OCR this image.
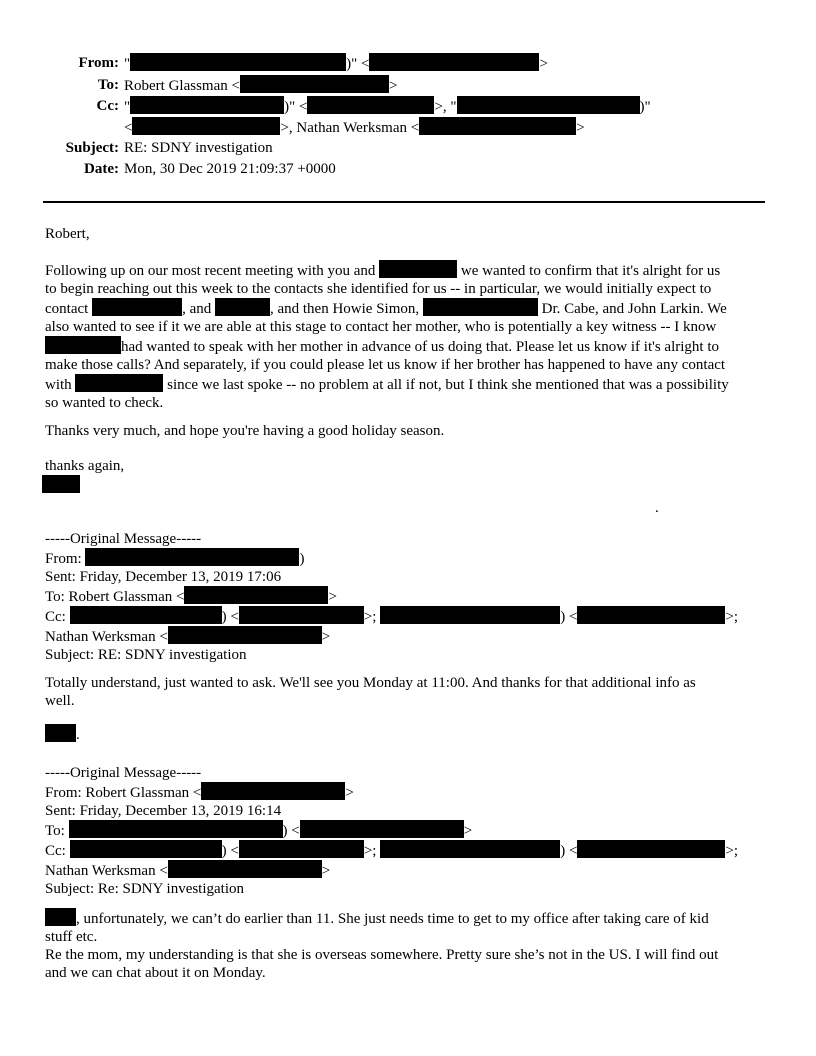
From: "	)" <	>
To: Robert Glassman <	>
Cc: "	)" <	>, "	)"
<	>, Nathan Werksman <	>
Subject: RE: SDNY investigation
Date: Mon, 30 Dec 2019 21:09:37 +0000
Robert,
Following up on our most recent meeting with you and	we wanted to confirm that it's alright for us
to begin reaching out this week to the contacts she identified for us -- in particular, we would initially expect to
contact	, and	, and then Howie Simon,	Dr. Cabe, and John Larkin. We
also wanted to see if it we are able at this stage to contact her mother, who is potentially a key witness -- I know
had wanted to speak with her mother in advance of us doing that. Please let us know if it's alright to
make those calls? And separately, if you could please let us know if her brother has happened to have any contact
with	since we last spoke -- no problem at all if not, but I think she mentioned that was a possibility
so wanted to check.
Thanks very much, and hope you're having a good holiday season.
thanks again,
.
-----Original Message-----
From:	)
Sent: Friday, December 13, 2019 17:06
To: Robert Glassman <	>
Cc:	) <	>;	) <	>;
Nathan Werksman <	>
Subject: RE: SDNY investigation
Totally understand, just wanted to ask. We'll see you Monday at 11:00. And thanks for that additional info as
well.
.
-----Original Message-----
From: Robert Glassman <	>
Sent: Friday, December 13, 2019 16:14
To:	) <	>
Cc:	) <	>;	) <	>;
Nathan Werksman <	>
Subject: Re: SDNY investigation
, unfortunately, we can’t do earlier than 11. She just needs time to get to my office after taking care of kid
stuff etc.
Re the mom, my understanding is that she is overseas somewhere. Pretty sure she’s not in the US. I will find out
and we can chat about it on Monday.
